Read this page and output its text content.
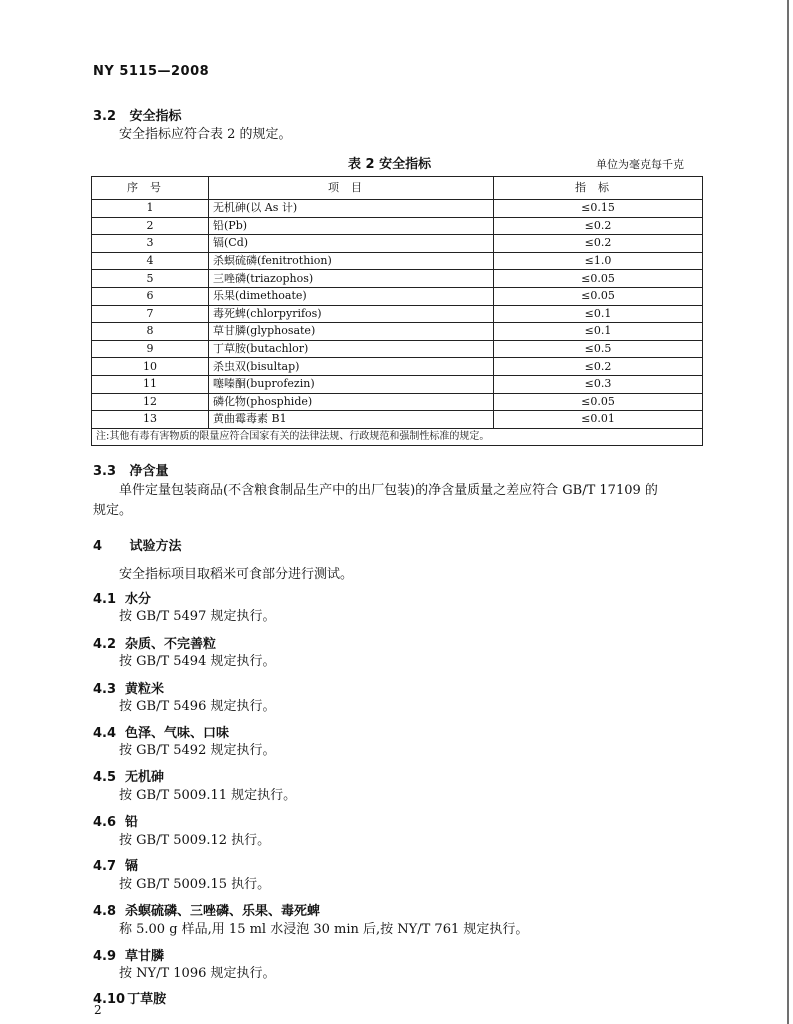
NY 5115—2008
3.2 安全指标
安全指标应符合表 2 的规定。
表 2 安全指标	单位为毫克每千克
序号	项目	指标
1	无机砷(以 As 计)	≤0.15
2	铅(Pb)	≤0.2
3	镉(Cd)	≤0.2
4	杀螟硫磷(fenitrothion)	≤1.0
5	三唑磷(triazophos)	≤0.05
6	乐果(dimethoate)	≤0.05
7	毒死蜱(chlorpyrifos)	≤0.1
8	草甘膦(glyphosate)	≤0.1
9	丁草胺(butachlor)	≤0.5
10	杀虫双(bisultap)	≤0.2
11	噻嗪酮(buprofezin)	≤0.3
12	磷化物(phosphide)	≤0.05
13	黄曲霉毒素 B1	≤0.01
注:其他有毒有害物质的限量应符合国家有关的法律法规、行政规范和强制性标准的规定。		
3.3 净含量
单件定量包装商品(不含粮食制品生产中的出厂包装)的净含量质量之差应符合 GB/T 17109 的
规定。
4 试验方法
安全指标项目取稻米可食部分进行测试。
4.1 水分
按 GB/T 5497 规定执行。
4.2 杂质、不完善粒
按 GB/T 5494 规定执行。
4.3 黄粒米
按 GB/T 5496 规定执行。
4.4 色泽、气味、口味
按 GB/T 5492 规定执行。
4.5 无机砷
按 GB/T 5009.11 规定执行。
4.6 铅
按 GB/T 5009.12 执行。
4.7 镉
按 GB/T 5009.15 执行。
4.8 杀螟硫磷、三唑磷、乐果、毒死蜱
称 5.00 g 样品,用 15 ml 水浸泡 30 min 后,按 NY/T 761 规定执行。
4.9 草甘膦
按 NY/T 1096 规定执行。
4.10 丁草胺
2
